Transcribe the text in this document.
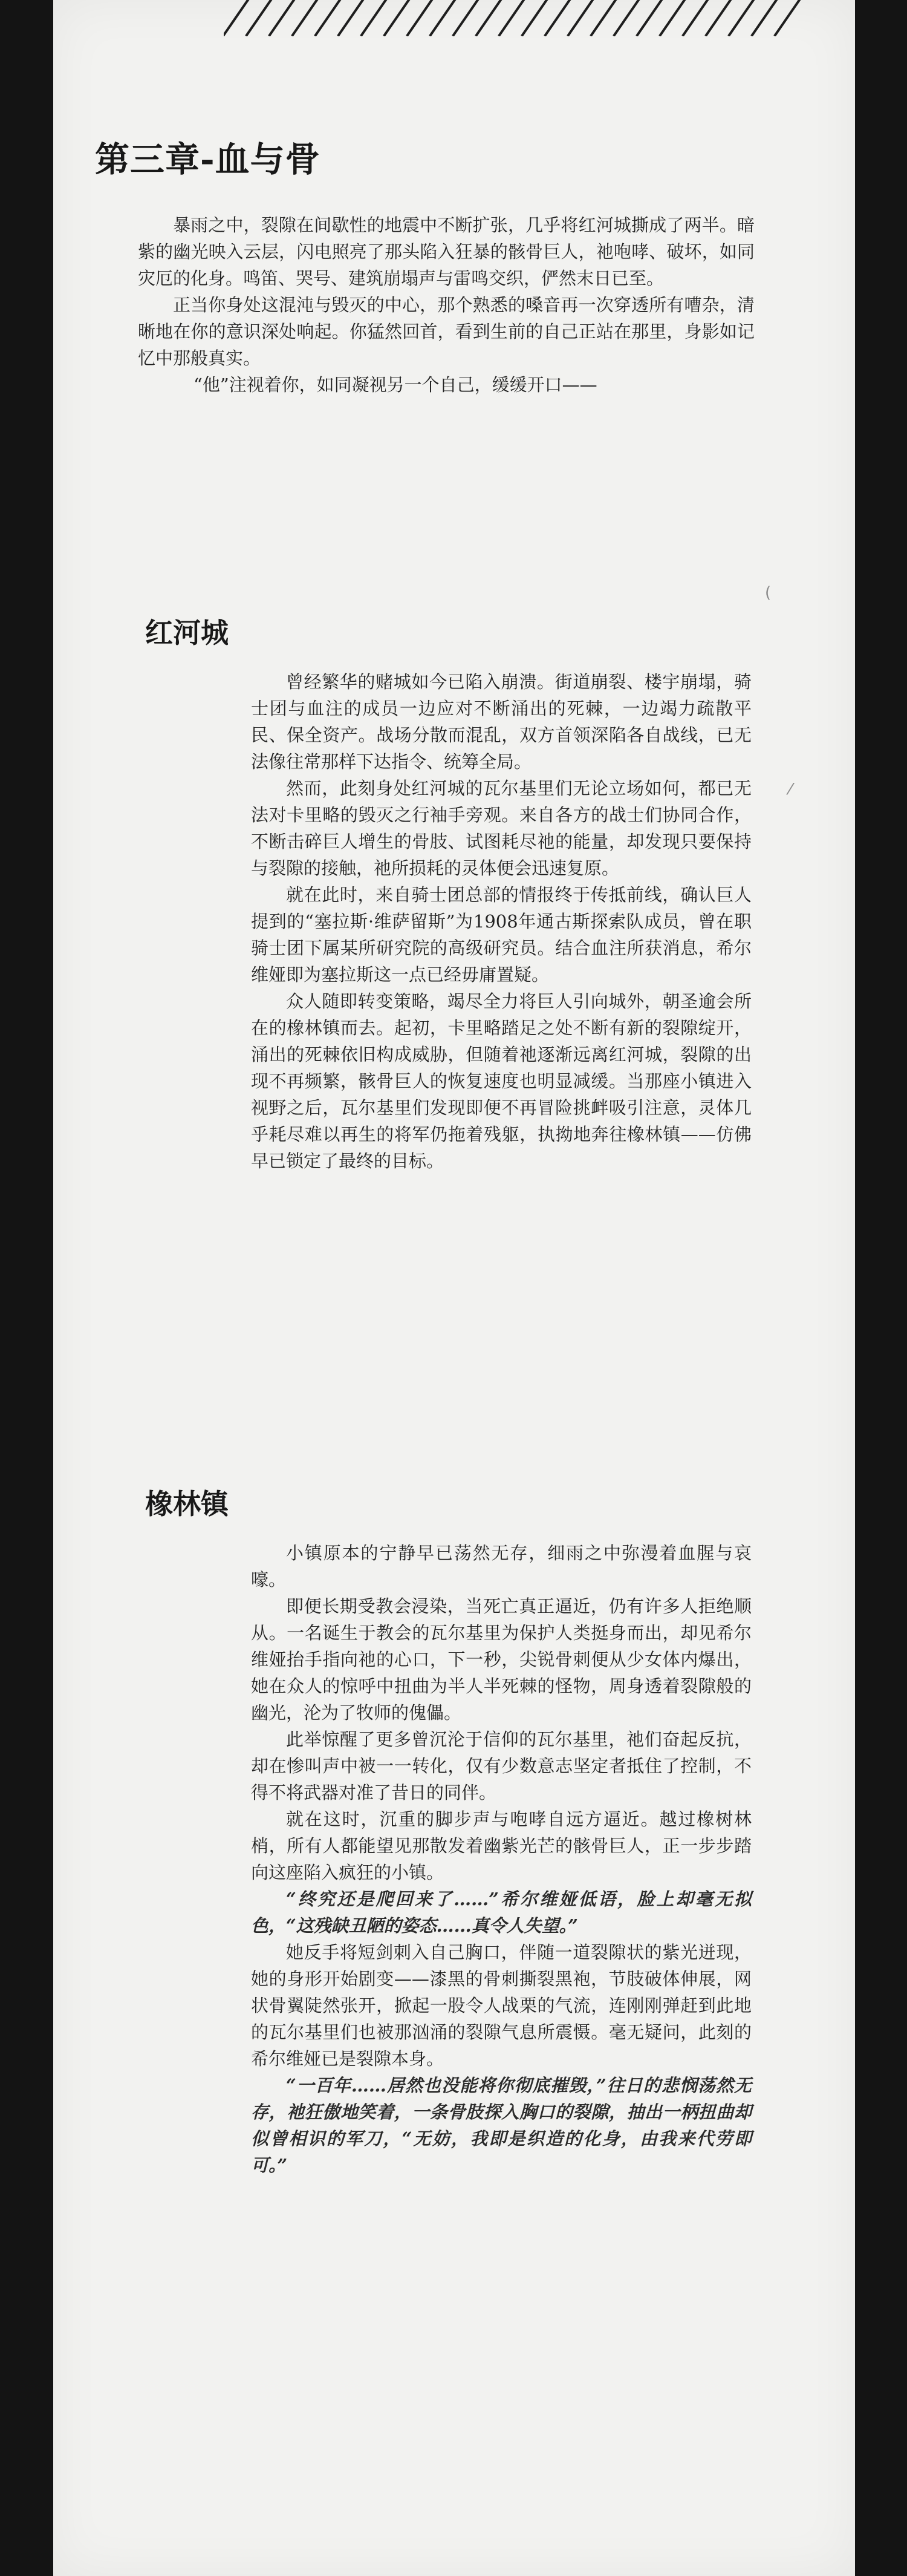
(
⁄
第三章-血与骨

暴雨之中，裂隙在间歇性的地震中不断扩张，几乎将红河城撕成了两半。暗紫的幽光映入云层，闪电照亮了那头陷入狂暴的骸骨巨人，祂咆哮、破坏，如同灾厄的化身。鸣笛、哭号、建筑崩塌声与雷鸣交织，俨然末日已至。

正当你身处这混沌与毁灭的中心，那个熟悉的嗓音再一次穿透所有嘈杂，清晰地在你的意识深处响起。你猛然回首，看到生前的自己正站在那里，身影如记忆中那般真实。

“他”注视着你，如同凝视另一个自己，缓缓开口——

红河城

曾经繁华的赌城如今已陷入崩溃。街道崩裂、楼宇崩塌，骑士团与血注的成员一边应对不断涌出的死棘，一边竭力疏散平民、保全资产。战场分散而混乱，双方首领深陷各自战线，已无法像往常那样下达指令、统筹全局。

然而，此刻身处红河城的瓦尔基里们无论立场如何，都已无法对卡里略的毁灭之行袖手旁观。来自各方的战士们协同合作，不断击碎巨人增生的骨肢、试图耗尽祂的能量，却发现只要保持与裂隙的接触，祂所损耗的灵体便会迅速复原。

就在此时，来自骑士团总部的情报终于传抵前线，确认巨人提到的“塞拉斯·维萨留斯”为1908年通古斯探索队成员，曾在职骑士团下属某所研究院的高级研究员。结合血注所获消息，希尔维娅即为塞拉斯这一点已经毋庸置疑。

众人随即转变策略，竭尽全力将巨人引向城外，朝圣逾会所在的橡林镇而去。起初，卡里略踏足之处不断有新的裂隙绽开，涌出的死棘依旧构成威胁，但随着祂逐渐远离红河城，裂隙的出现不再频繁，骸骨巨人的恢复速度也明显减缓。当那座小镇进入视野之后，瓦尔基里们发现即便不再冒险挑衅吸引注意，灵体几乎耗尽难以再生的将军仍拖着残躯，执拗地奔往橡林镇——仿佛早已锁定了最终的目标。

橡林镇

小镇原本的宁静早已荡然无存，细雨之中弥漫着血腥与哀嚎。

即便长期受教会浸染，当死亡真正逼近，仍有许多人拒绝顺从。一名诞生于教会的瓦尔基里为保护人类挺身而出，却见希尔维娅抬手指向祂的心口，下一秒，尖锐骨刺便从少女体内爆出，她在众人的惊呼中扭曲为半人半死棘的怪物，周身透着裂隙般的幽光，沦为了牧师的傀儡。

此举惊醒了更多曾沉沦于信仰的瓦尔基里，祂们奋起反抗，却在惨叫声中被一一转化，仅有少数意志坚定者抵住了控制，不得不将武器对准了昔日的同伴。

就在这时，沉重的脚步声与咆哮自远方逼近。越过橡树林梢，所有人都能望见那散发着幽紫光芒的骸骨巨人，正一步步踏向这座陷入疯狂的小镇。

“终究还是爬回来了……”希尔维娅低语，脸上却毫无拟色，“这残缺丑陋的姿态……真令人失望。”

她反手将短剑刺入自己胸口，伴随一道裂隙状的紫光迸现，她的身形开始剧变——漆黑的骨刺撕裂黑袍，节肢破体伸展，网状骨翼陡然张开，掀起一股令人战栗的气流，连刚刚弹赶到此地的瓦尔基里们也被那汹涌的裂隙气息所震慑。毫无疑问，此刻的希尔维娅已是裂隙本身。

“一百年……居然也没能将你彻底摧毁，”往日的悲悯荡然无存，祂狂傲地笑着，一条骨肢探入胸口的裂隙，抽出一柄扭曲却似曾相识的军刀，“无妨，我即是织造的化身，由我来代劳即可。”
